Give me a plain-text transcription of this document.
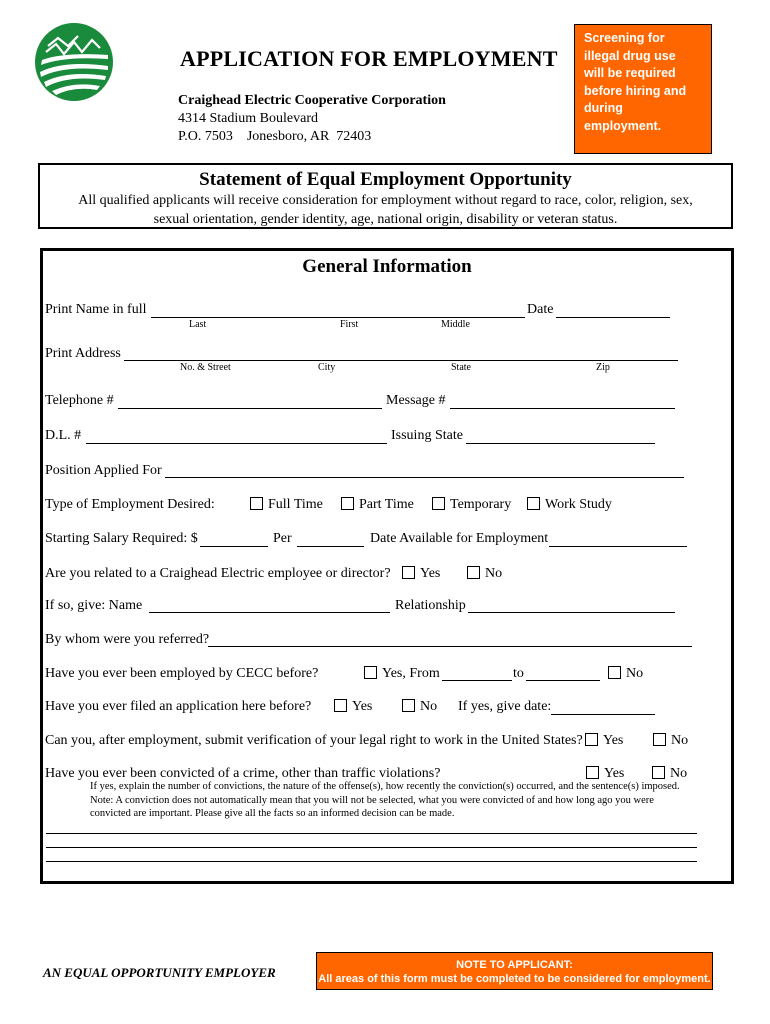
APPLICATION FOR EMPLOYMENT
Craighead Electric Cooperative Corporation
4314 Stadium Boulevard
P.O. 7503    Jonesboro, AR  72403
Screening for
illegal drug use
will be required
before hiring and
during
employment.
Statement of Equal Employment Opportunity
All qualified applicants will receive consideration for employment without regard to race, color, religion, sex,
sexual orientation, gender identity, age, national origin, disability or veteran status.
General Information
Print Name in full	Date
Last	First	Middle
Print Address
No. & Street	City	State	Zip
Telephone #	Message #
D.L. #	Issuing State
Position Applied For
Type of Employment Desired:	Full Time	Part Time	Temporary	Work Study
Starting Salary Required: $	Per	Date Available for Employment
Are you related to a Craighead Electric employee or director?	Yes	No
If so, give: Name	Relationship
By whom were you referred?
Have you ever been employed by CECC before?	Yes, From	to	No
Have you ever filed an application here before?	Yes	No If yes, give date:
Can you, after employment, submit verification of your legal right to work in the United States?	Yes	No
Have you ever been convicted of a crime, other than traffic violations?	Yes	No
If yes, explain the number of convictions, the nature of the offense(s), how recently the conviction(s) occurred, and the sentence(s) imposed. Note: A conviction does not automatically mean that you will not be selected, what you were convicted of and how long ago you were convicted are important. Please give all the facts so an informed decision can be made.
AN EQUAL OPPORTUNITY EMPLOYER	NOTE TO APPLICANT:
All areas of this form must be completed to be considered for employment.
